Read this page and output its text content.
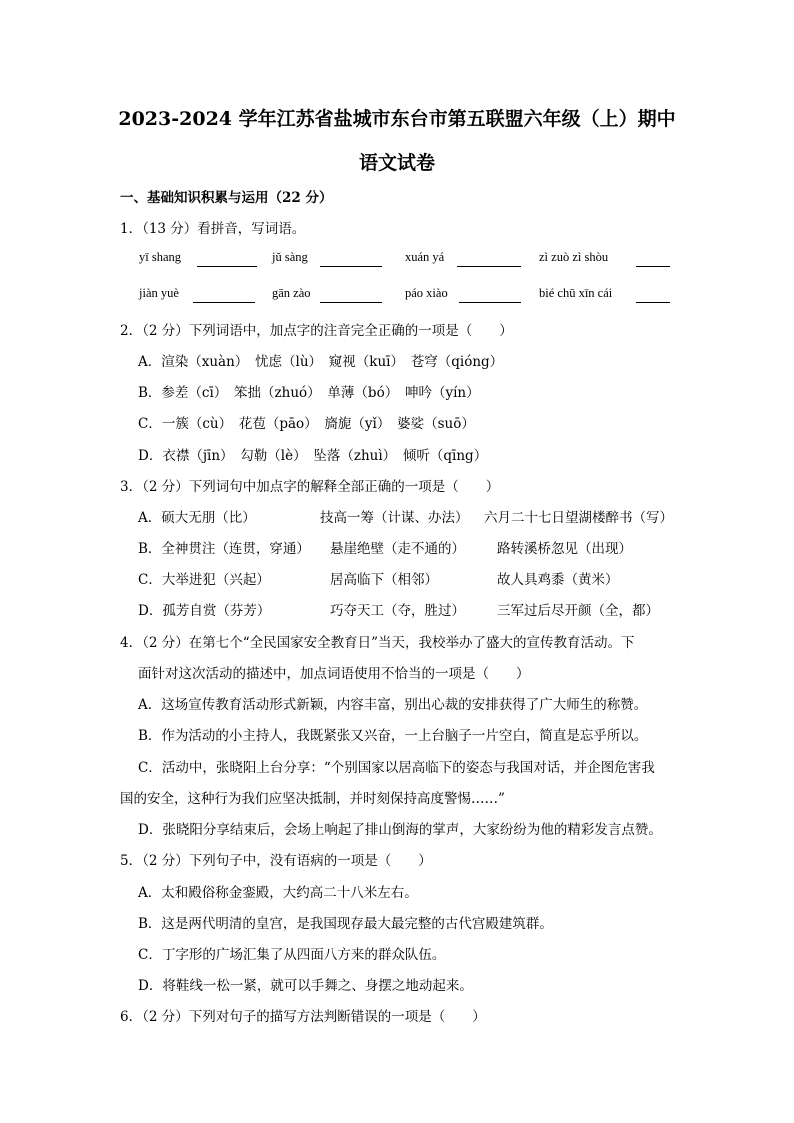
2023-2024 学年江苏省盐城市东台市第五联盟六年级（上）期中
语文试卷
一、基础知识积累与运用（22 分）
1．（13 分）看拼音，写词语。
yī shang	jǔ sàng	xuán yá	zì zuò zì shòu
jiàn yuè	gān zào	páo xiào	bié chū xīn cái
2．（2 分）下列词语中，加点字的注音完全正确的一项是（　　）
A．渲染（xuàn）　忧虑（lù）　窥视（kuī）　苍穹（qióng）
B．参差（cī）　笨拙（zhuó）　单薄（bó）　呻吟（yín）
C．一簇（cù）　花苞（pāo）　旖旎（yǐ）　婆娑（suō）
D．衣襟（jīn）　勾勒（lè）　坠落（zhuì）　倾听（qīng）
3．（2 分）下列词句中加点字的解释全部正确的一项是（　　）
A．硕大无朋（比）	技高一筹（计谋、办法） 六月二十七日望湖楼醉书（写）
B．全神贯注（连贯，穿通） 悬崖绝壁（走不通的） 路转溪桥忽见（出现）
C．大举进犯（兴起）	居高临下（相邻）	故人具鸡黍（黄米）
D．孤芳自赏（芬芳）	巧夺天工（夺，胜过） 三军过后尽开颜（全，都）
4．（2 分）在第七个“全民国家安全教育日”当天，我校举办了盛大的宣传教育活动。下
面针对这次活动的描述中，加点词语使用不恰当的一项是（　　）
A．这场宣传教育活动形式新颖，内容丰富，别出心裁的安排获得了广大师生的称赞。
B．作为活动的小主持人，我既紧张又兴奋，一上台脑子一片空白，简直是忘乎所以。
C．活动中，张晓阳上台分享：“个别国家以居高临下的姿态与我国对话，并企图危害我
国的安全，这种行为我们应坚决抵制，并时刻保持高度警惕……”
D．张晓阳分享结束后，会场上响起了排山倒海的掌声，大家纷纷为他的精彩发言点赞。
5．（2 分）下列句子中，没有语病的一项是（　　）
A．太和殿俗称金銮殿，大约高二十八米左右。
B．这是两代明清的皇宫，是我国现存最大最完整的古代宫殿建筑群。
C．丁字形的广场汇集了从四面八方来的群众队伍。
D．将鞋线一松一紧，就可以手舞之、身摆之地动起来。
6．（2 分）下列对句子的描写方法判断错误的一项是（　　）
